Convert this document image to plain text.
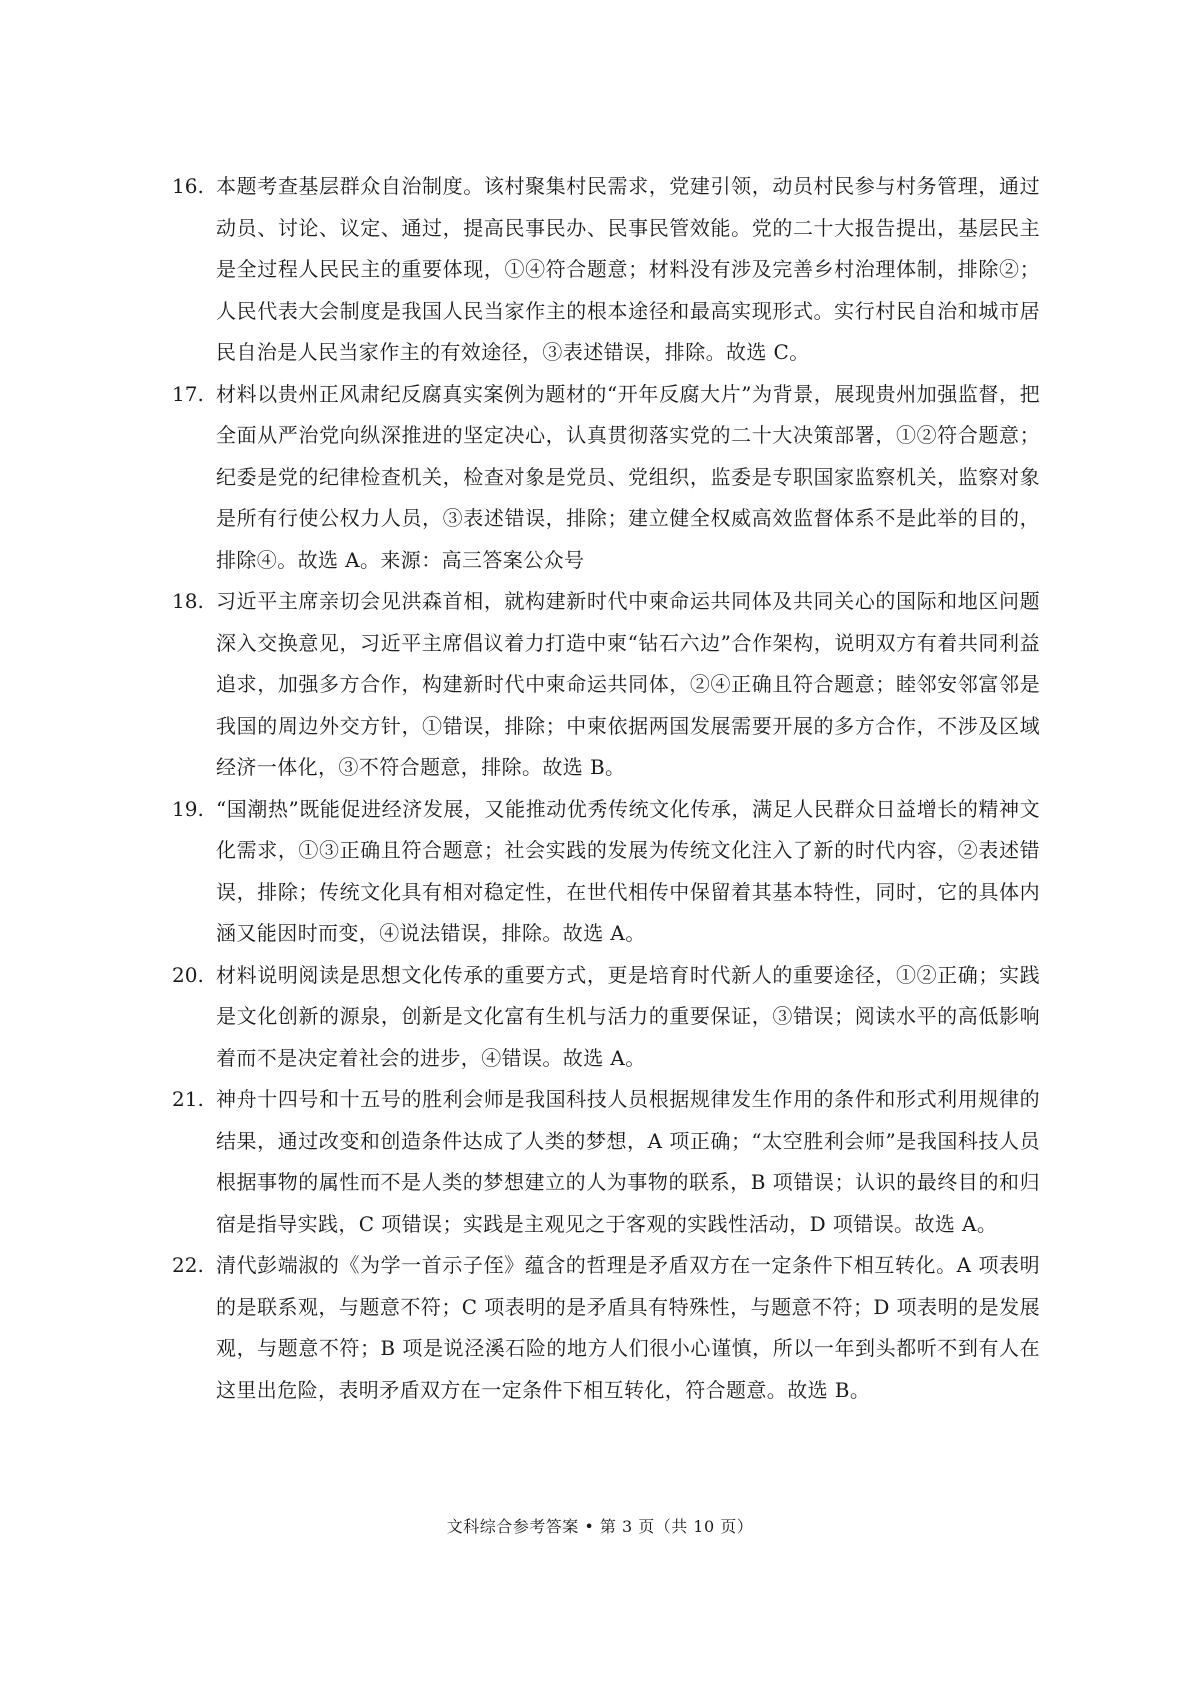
16. 本题考查基层群众自治制度。该村聚集村民需求，党建引领，动员村民参与村务管理，通过动员、讨论、议定、通过，提高民事民办、民事民管效能。党的二十大报告提出，基层民主是全过程人民民主的重要体现，①④符合题意；材料没有涉及完善乡村治理体制，排除②；人民代表大会制度是我国人民当家作主的根本途径和最高实现形式。实行村民自治和城市居民自治是人民当家作主的有效途径，③表述错误，排除。故选 C。
17. 材料以贵州正风肃纪反腐真实案例为题材的“开年反腐大片”为背景，展现贵州加强监督，把全面从严治党向纵深推进的坚定决心，认真贯彻落实党的二十大决策部署，①②符合题意；纪委是党的纪律检查机关，检查对象是党员、党组织，监委是专职国家监察机关，监察对象是所有行使公权力人员，③表述错误，排除；建立健全权威高效监督体系不是此举的目的，排除④。故选 A。来源：高三答案公众号
18. 习近平主席亲切会见洪森首相，就构建新时代中柬命运共同体及共同关心的国际和地区问题深入交换意见，习近平主席倡议着力打造中柬“钻石六边”合作架构，说明双方有着共同利益追求，加强多方合作，构建新时代中柬命运共同体，②④正确且符合题意；睦邻安邻富邻是我国的周边外交方针，①错误，排除；中柬依据两国发展需要开展的多方合作，不涉及区域经济一体化，③不符合题意，排除。故选 B。
19. “国潮热”既能促进经济发展，又能推动优秀传统文化传承，满足人民群众日益增长的精神文化需求，①③正确且符合题意；社会实践的发展为传统文化注入了新的时代内容，②表述错误，排除；传统文化具有相对稳定性，在世代相传中保留着其基本特性，同时，它的具体内涵又能因时而变，④说法错误，排除。故选 A。
20. 材料说明阅读是思想文化传承的重要方式，更是培育时代新人的重要途径，①②正确；实践是文化创新的源泉，创新是文化富有生机与活力的重要保证，③错误；阅读水平的高低影响着而不是决定着社会的进步，④错误。故选 A。
21. 神舟十四号和十五号的胜利会师是我国科技人员根据规律发生作用的条件和形式利用规律的结果，通过改变和创造条件达成了人类的梦想，A 项正确；“太空胜利会师”是我国科技人员根据事物的属性而不是人类的梦想建立的人为事物的联系，B 项错误；认识的最终目的和归宿是指导实践，C 项错误；实践是主观见之于客观的实践性活动，D 项错误。故选 A。
22. 清代彭端淑的《为学一首示子侄》蕴含的哲理是矛盾双方在一定条件下相互转化。A 项表明的是联系观，与题意不符；C 项表明的是矛盾具有特殊性，与题意不符；D 项表明的是发展观，与题意不符；B 项是说泾溪石险的地方人们很小心谨慎，所以一年到头都听不到有人在这里出危险，表明矛盾双方在一定条件下相互转化，符合题意。故选 B。
文科综合参考答案 • 第 3 页（共 10 页）
